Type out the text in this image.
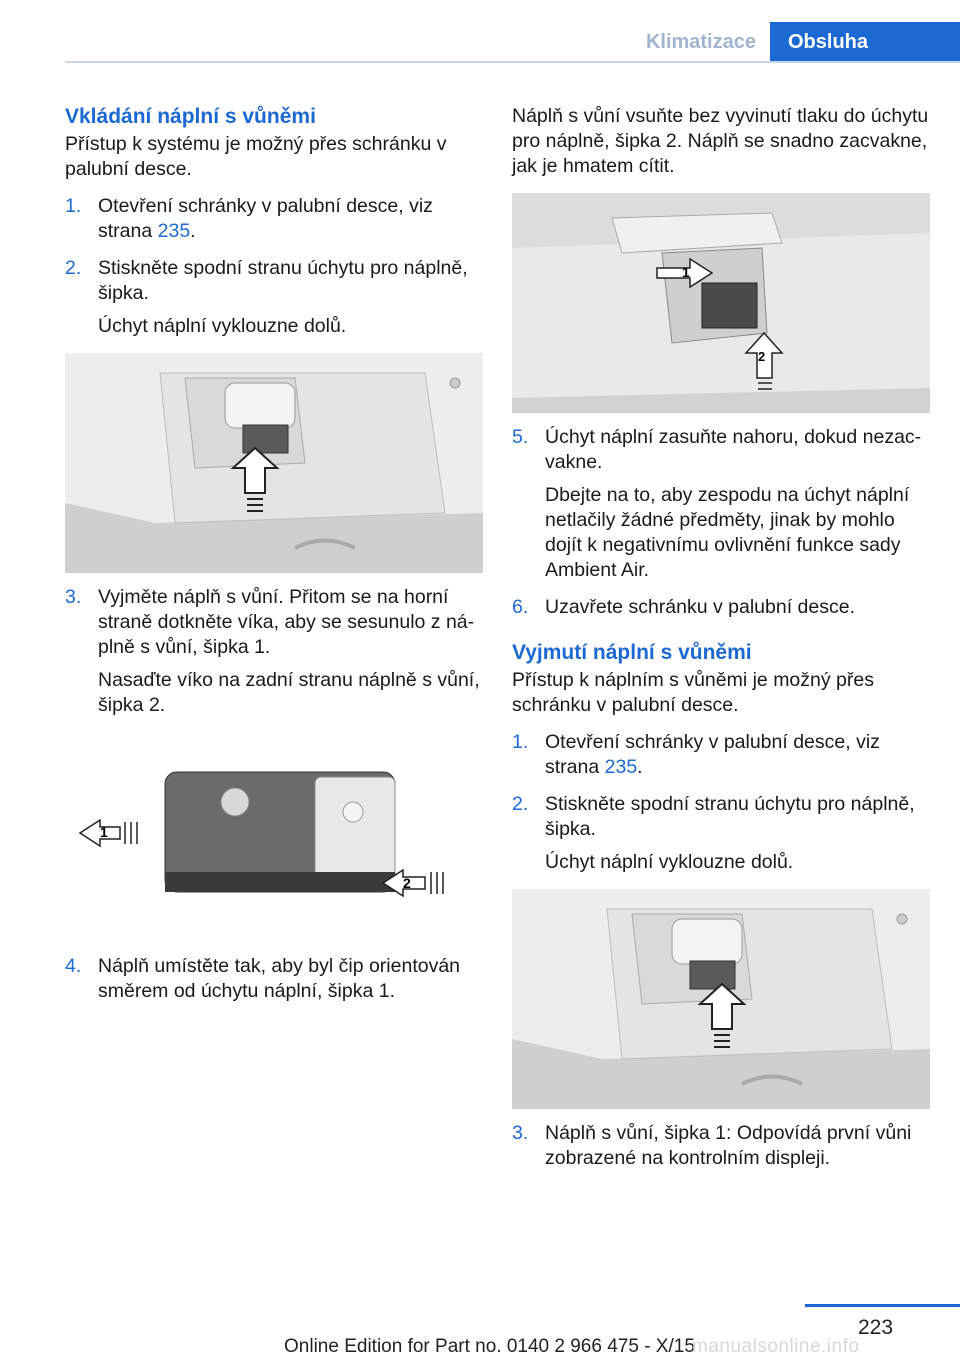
Klimatizace	Obsluha
Vkládání náplní s vůněmi

Přístup k systému je možný přes schránku v palubní desce.

1. Otevření schránky v palubní desce, viz strana 235.
2. Stiskněte spodní stranu úchytu pro náplně, šipka.
Úchyt náplní vyklouzne dolů.
3. Vyjměte náplň s vůní. Přitom se na horní straně dotkněte víka, aby se sesunulo z náplně s vůní, šipka 1.
Nasaďte víko na zadní stranu náplně s vůní, šipka 2.
1
2
4. Náplň umístěte tak, aby byl čip orientován směrem od úchytu náplní, šipka 1.

Náplň s vůní vsuňte bez vyvinutí tlaku do úchytu pro náplně, šipka 2. Náplň se snadno zacvakne, jak je hmatem cítit.

1
2
5. Úchyt náplní zasuňte nahoru, dokud nezacvakne.
Dbejte na to, aby zespodu na úchyt náplní netlačily žádné předměty, jinak by mohlo dojít k negativnímu ovlivnění funkce sady Ambient Air.
6. Uzavřete schránku v palubní desce.
Vyjmutí náplní s vůněmi

Přístup k náplním s vůněmi je možný přes schránku v palubní desce.

1. Otevření schránky v palubní desce, viz strana 235.
2. Stiskněte spodní stranu úchytu pro náplně, šipka.
Úchyt náplní vyklouzne dolů.
3. Náplň s vůní, šipka 1: Odpovídá první vůni zobrazené na kontrolním displeji.
223
Online Edition for Part no. 0140 2 966 475 - X/15
manualsonline.info
